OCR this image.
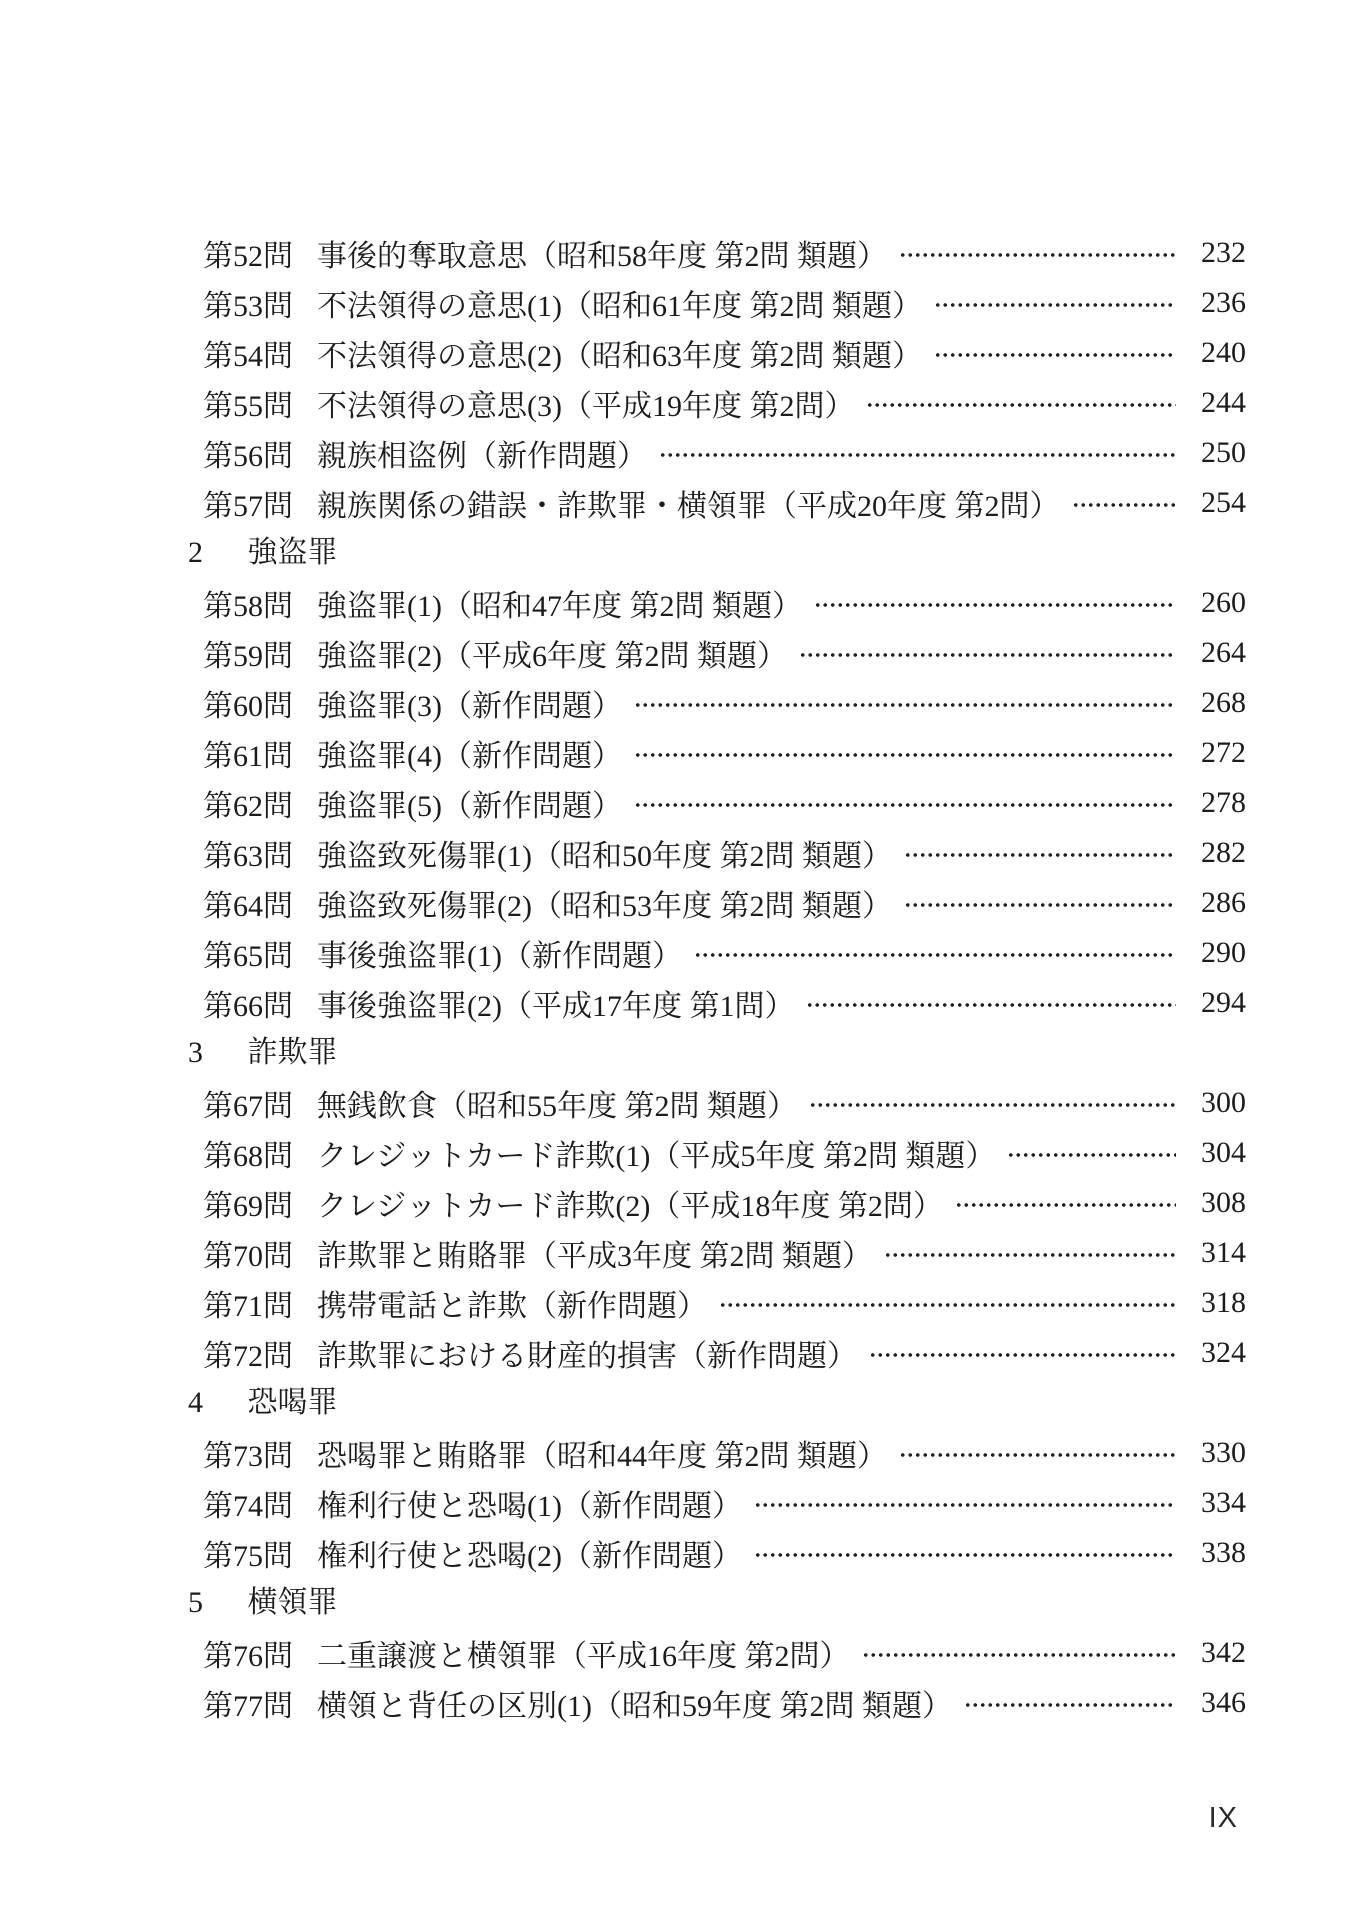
第52問 事後的奪取意思（昭和58年度 第2問 類題）	232
第53問 不法領得の意思(1)（昭和61年度 第2問 類題）	236
第54問 不法領得の意思(2)（昭和63年度 第2問 類題）	240
第55問 不法領得の意思(3)（平成19年度 第2問）	244
第56問 親族相盗例（新作問題）	250
第57問 親族関係の錯誤・詐欺罪・横領罪（平成20年度 第2問）	254
2 強盗罪
第58問 強盗罪(1)（昭和47年度 第2問 類題）	260
第59問 強盗罪(2)（平成6年度 第2問 類題）	264
第60問 強盗罪(3)（新作問題）	268
第61問 強盗罪(4)（新作問題）	272
第62問 強盗罪(5)（新作問題）	278
第63問 強盗致死傷罪(1)（昭和50年度 第2問 類題）	282
第64問 強盗致死傷罪(2)（昭和53年度 第2問 類題）	286
第65問 事後強盗罪(1)（新作問題）	290
第66問 事後強盗罪(2)（平成17年度 第1問）	294
3 詐欺罪
第67問 無銭飲食（昭和55年度 第2問 類題）	300
第68問 クレジットカード詐欺(1)（平成5年度 第2問 類題）	304
第69問 クレジットカード詐欺(2)（平成18年度 第2問）	308
第70問 詐欺罪と賄賂罪（平成3年度 第2問 類題）	314
第71問 携帯電話と詐欺（新作問題）	318
第72問 詐欺罪における財産的損害（新作問題）	324
4 恐喝罪
第73問 恐喝罪と賄賂罪（昭和44年度 第2問 類題）	330
第74問 権利行使と恐喝(1)（新作問題）	334
第75問 権利行使と恐喝(2)（新作問題）	338
5 横領罪
第76問 二重譲渡と横領罪（平成16年度 第2問）	342
第77問 横領と背任の区別(1)（昭和59年度 第2問 類題）	346
IX
